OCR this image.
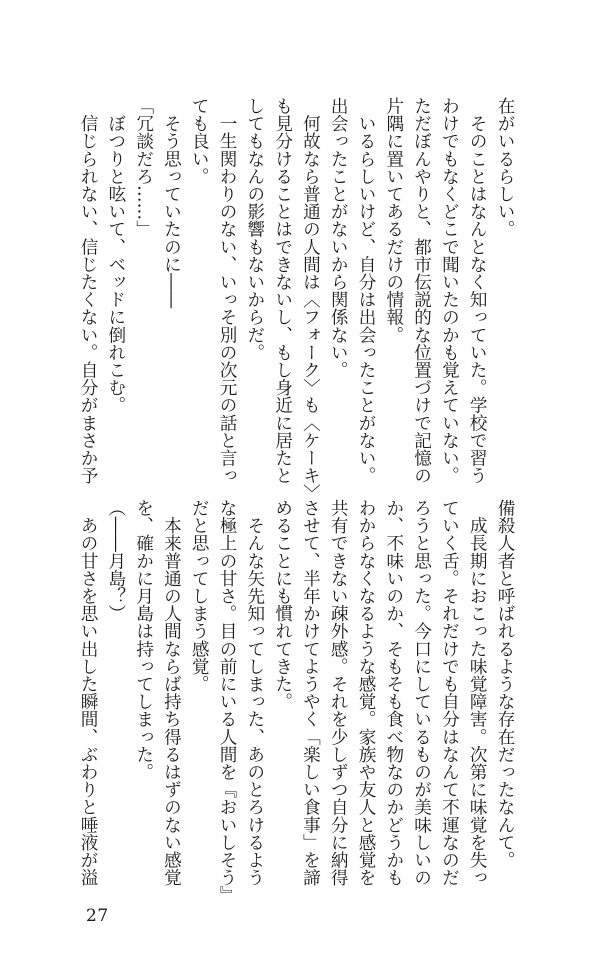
在がいるらしい。
　そのことはなんとなく知っていた。学校で習う
わけでもなくどこで聞いたのかも覚えていない。
ただぼんやりと、都市伝説的な位置づけで記憶の
片隅に置いてあるだけの情報。
　いるらしいけど、自分は出会ったことがない。
出会ったことがないから関係ない。
　何故なら普通の人間は〈フォーク〉も〈ケーキ〉
も見分けることはできないし、もし身近に居たと
してもなんの影響もないからだ。
　一生関わりのない、いっそ別の次元の話と言っ
ても良い。
　そう思っていたのに――
「冗談だろ……」
　ぼつりと呟いて、ベッドに倒れこむ。
　信じられない、信じたくない。自分がまさか予
備殺人者と呼ばれるような存在だったなんて。
　成長期におこった味覚障害。次第に味覚を失っ
ていく舌。それだけでも自分はなんて不運なのだ
ろうと思った。今口にしているものが美味しいの
か、不味いのか、そもそも食べ物なのかどうかも
わからなくなるような感覚。家族や友人と感覚を
共有できない疎外感。それを少しずつ自分に納得
させて、半年かけてようやく「楽しい食事」を諦
めることにも慣れてきた。
　そんな矢先知ってしまった、あのとろけるよう
な極上の甘さ。目の前にいる人間を『おいしそう』
だと思ってしまう感覚。
　本来普通の人間ならば持ち得るはずのない感覚
を、確かに月島は持ってしまった。
（――月島？）
　あの甘さを思い出した瞬間、ぶわりと唾液が溢
27
